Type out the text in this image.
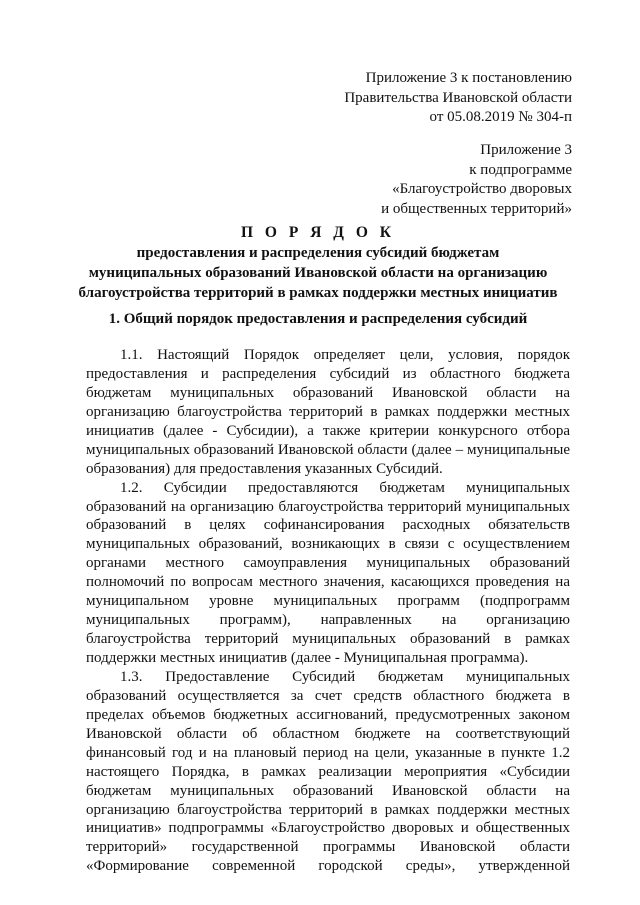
Приложение 3 к постановлению
Правительства Ивановской области
от 05.08.2019 № 304-п
Приложение 3
к подпрограмме
«Благоустройство дворовых
и общественных территорий»
П О Р Я Д О К
предоставления и распределения субсидий бюджетам
муниципальных образований Ивановской области на организацию
благоустройства территорий в рамках поддержки местных инициатив
1. Общий порядок предоставления и распределения субсидий
1.1. Настоящий Порядок определяет цели, условия, порядок
предоставления и распределения субсидий из областного бюджета
бюджетам муниципальных образований Ивановской области на
организацию благоустройства территорий в рамках поддержки местных
инициатив (далее - Субсидии), а также критерии конкурсного отбора
муниципальных образований Ивановской области (далее – муниципальные
образования) для предоставления указанных Субсидий.
1.2. Субсидии предоставляются бюджетам муниципальных
образований на организацию благоустройства территорий муниципальных
образований в целях софинансирования расходных обязательств
муниципальных образований, возникающих в связи с осуществлением
органами местного самоуправления муниципальных образований
полномочий по вопросам местного значения, касающихся проведения на
муниципальном уровне муниципальных программ (подпрограмм
муниципальных программ), направленных на организацию
благоустройства территорий муниципальных образований в рамках
поддержки местных инициатив (далее - Муниципальная программа).
1.3. Предоставление Субсидий бюджетам муниципальных
образований осуществляется за счет средств областного бюджета в
пределах объемов бюджетных ассигнований, предусмотренных законом
Ивановской области об областном бюджете на соответствующий
финансовый год и на плановый период на цели, указанные в пункте 1.2
настоящего Порядка, в рамках реализации мероприятия «Субсидии
бюджетам муниципальных образований Ивановской области на
организацию благоустройства территорий в рамках поддержки местных
инициатив» подпрограммы «Благоустройство дворовых и общественных
территорий» государственной программы Ивановской области
«Формирование современной городской среды», утвержденной
